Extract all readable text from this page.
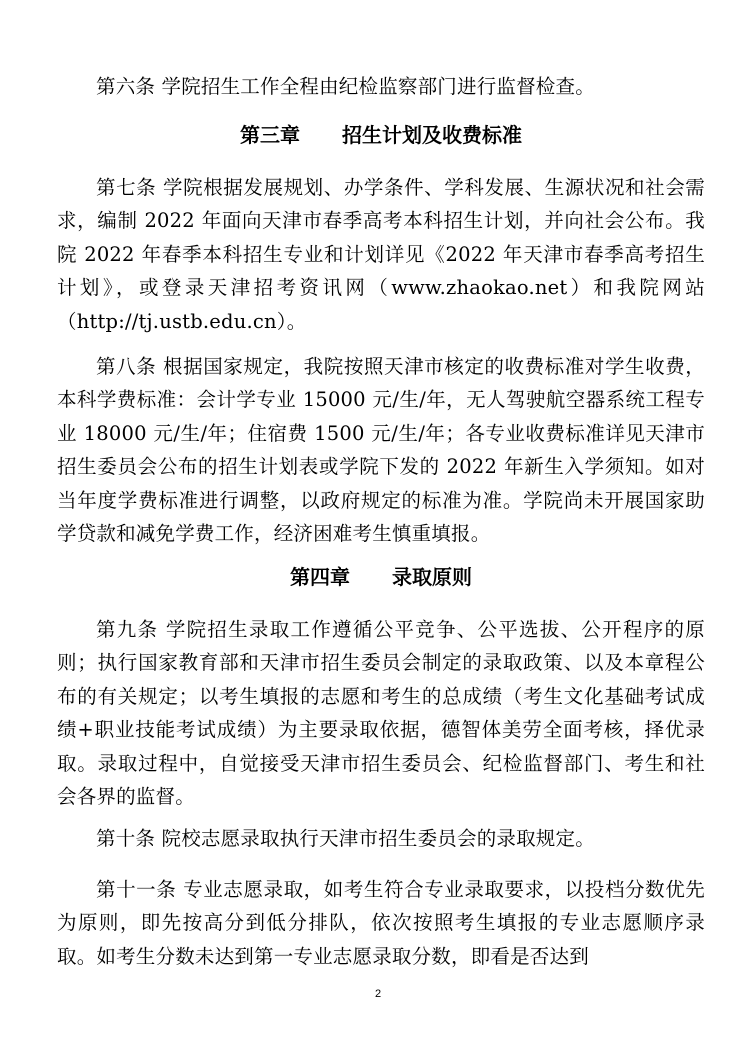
第六条 学院招生工作全程由纪检监察部门进行监督检查。

第三章 招生计划及收费标准

第七条 学院根据发展规划、办学条件、学科发展、生源状况和社会需求，编制 2022 年面向天津市春季高考本科招生计划，并向社会公布。我院 2022 年春季本科招生专业和计划详见《2022 年天津市春季高考招生计划》，或登录天津招考资讯网（www.zhaokao.net）和我院网站（http://tj.ustb.edu.cn）。

第八条 根据国家规定，我院按照天津市核定的收费标准对学生收费，本科学费标准：会计学专业 15000 元/生/年，无人驾驶航空器系统工程专业 18000 元/生/年；住宿费 1500 元/生/年；各专业收费标准详见天津市招生委员会公布的招生计划表或学院下发的 2022 年新生入学须知。如对当年度学费标准进行调整，以政府规定的标准为准。学院尚未开展国家助学贷款和减免学费工作，经济困难考生慎重填报。

第四章 录取原则

第九条 学院招生录取工作遵循公平竞争、公平选拔、公开程序的原则；执行国家教育部和天津市招生委员会制定的录取政策、以及本章程公布的有关规定；以考生填报的志愿和考生的总成绩（考生文化基础考试成绩+职业技能考试成绩）为主要录取依据，德智体美劳全面考核，择优录取。录取过程中，自觉接受天津市招生委员会、纪检监督部门、考生和社会各界的监督。

第十条 院校志愿录取执行天津市招生委员会的录取规定。

第十一条 专业志愿录取，如考生符合专业录取要求，以投档分数优先为原则，即先按高分到低分排队，依次按照考生填报的专业志愿顺序录取。如考生分数未达到第一专业志愿录取分数，即看是否达到

2
